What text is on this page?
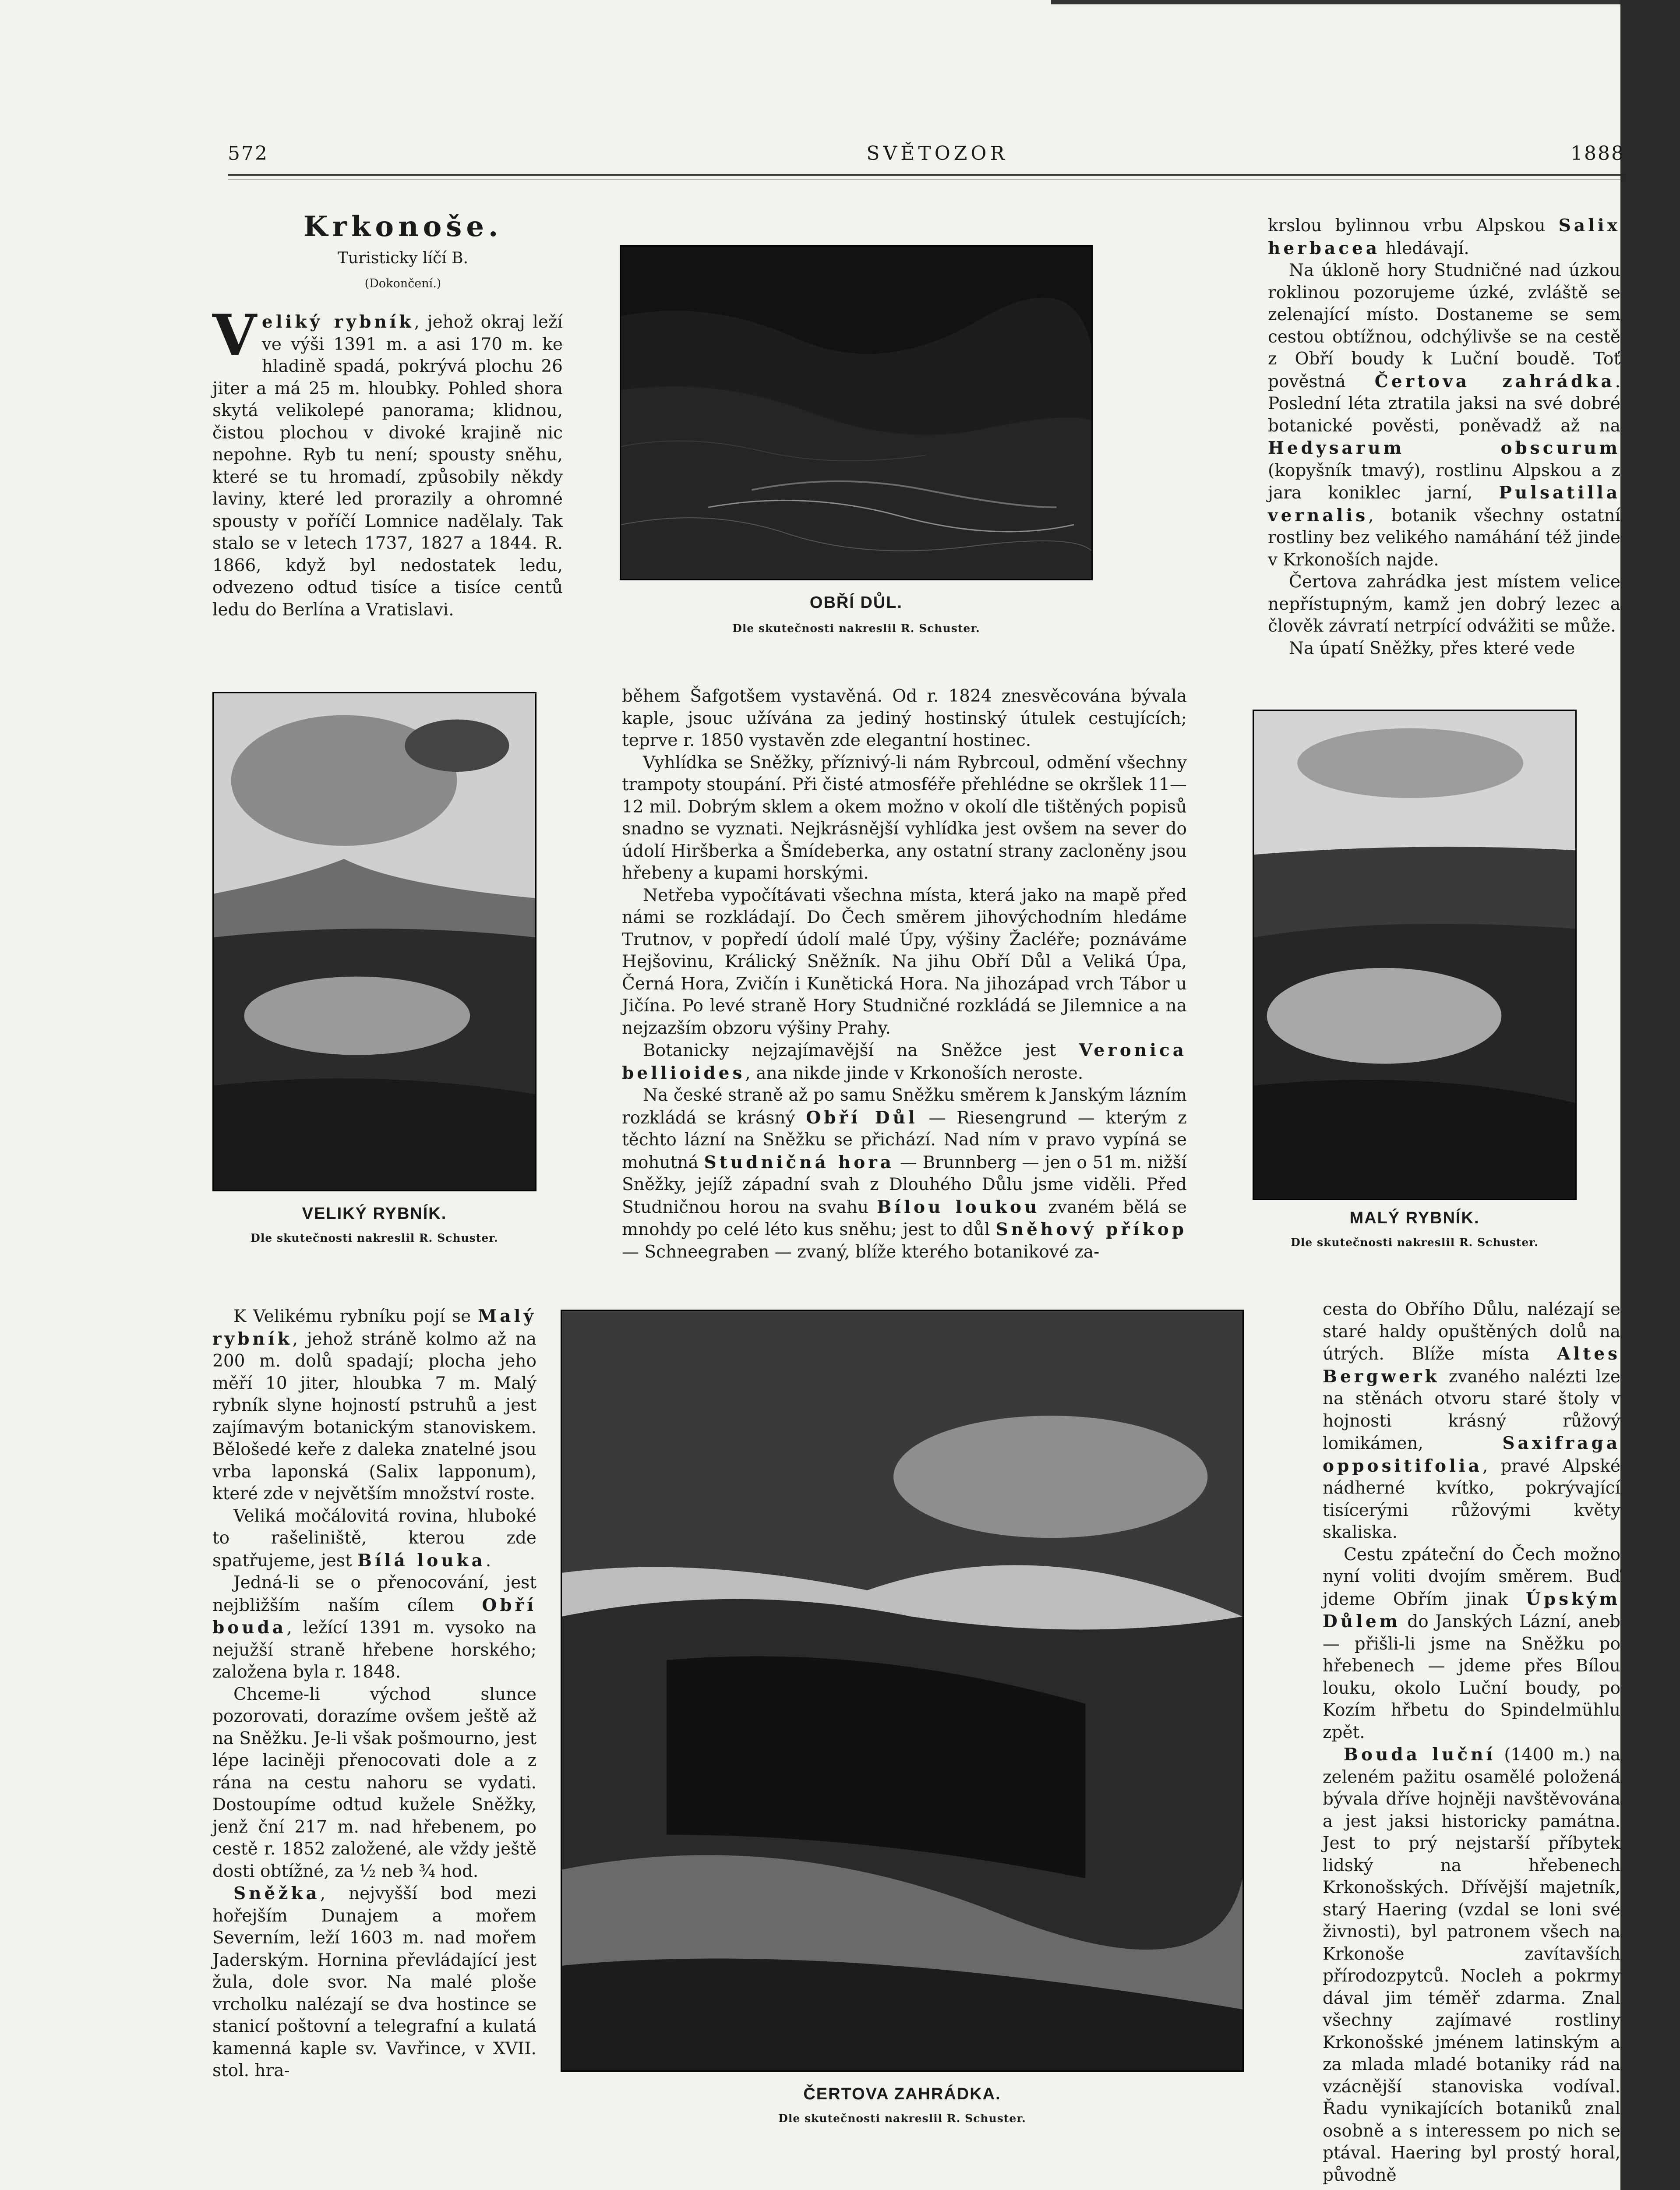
572	SVĚTOZOR	1888
Krkonoše.
Turisticky líčí B.
(Dokončení.)

Veliký rybník, jehož okraj leží ve výši 1391 m. a asi 170 m. ke hladině spadá, pokrývá plochu 26 jiter a má 25 m. hloubky. Pohled shora skytá velikolepé panorama; klidnou, čistou plochou v divoké krajině nic nepohne. Ryb tu není; spousty sněhu, které se tu hromadí, způsobily někdy laviny, které led prorazily a ohromné spousty v poříčí Lomnice nadělaly. Tak stalo se v letech 1737, 1827 a 1844. R. 1866, když byl nedostatek ledu, odvezeno odtud tisíce a tisíce centů ledu do Berlína a Vratislavi.	OBŘÍ DŮL.
Dle skutečnosti nakreslil R. Schuster.

krslou bylinnou vrbu Alpskou Salix herbacea hledávají.

Na úklonĕ hory Studničné nad úzkou roklinou pozorujeme úzké, zvláště se zelenající místo. Dostaneme se sem cestou obtížnou, odchýlivše se na cestě z Obří boudy k Luční boudě. Toť pověstná Čertova zahrádka. Poslední léta ztratila jaksi na své dobré botanické pověsti, poněvadž až na Hedysarum obscurum (kopyšník tmavý), rostlinu Alpskou a z jara koniklec jarní, Pulsatilla vernalis, botanik všechny ostatní rostliny bez velikého namáhání též jinde v Krkonoších najde.

Čertova zahrádka jest místem velice nepřístupným, kamž jen dobrý lezec a člověk závratí netrpící odvážiti se může.

Na úpatí Sněžky, přes které vede

VELIKÝ RYBNÍK.
Dle skutečnosti nakreslil R. Schuster.

během Šafgotšem vystavěná. Od r. 1824 znesvěcována bývala kaple, jsouc užívána za jediný hostinský útulek cestujících; teprve r. 1850 vystavěn zde elegantní hostinec.

Vyhlídka se Sněžky, příznivý-li nám Rybrcoul, odmění všechny trampoty stoupání. Při čisté atmosféře přehlédne se okršlek 11—12 mil. Dobrým sklem a okem možno v okolí dle tištěných popisů snadno se vyznati. Nejkrásnější vyhlídka jest ovšem na sever do údolí Hiršberka a Šmídeberka, any ostatní strany zacloněny jsou hřebeny a kupami horskými.

Netřeba vypočítávati všechna místa, která jako na mapě před námi se rozkládají. Do Čech směrem jihovýchodním hledáme Trutnov, v popředí údolí malé Úpy, výšiny Žacléře; poznáváme Hejšovinu, Králický Sněžník. Na jihu Obří Důl a Veliká Úpa, Černá Hora, Zvičín i Kunětická Hora. Na jihozápad vrch Tábor u Jičína. Po levé straně Hory Studničné rozkládá se Jilemnice a na nejzazším obzoru výšiny Prahy.

Botanicky nejzajímavější na Sněžce jest Veronica bellioides, ana nikde jinde v Krkonoších neroste.

Na české straně až po samu Sněžku směrem k Janským lázním rozkládá se krásný Obří Důl — Riesengrund — kterým z těchto lázní na Sněžku se přichází. Nad ním v pravo vypíná se mohutná Studničná hora — Brunnberg — jen o 51 m. nižší Sněžky, jejíž západní svah z Dlouhého Důlu jsme viděli. Před Studničnou horou na svahu Bílou loukou zvaném bělá se mnohdy po celé léto kus sněhu; jest to důl Sněhový příkop — Schneegraben — zvaný, blíže kterého botanikové za-

MALÝ RYBNÍK.
Dle skutečnosti nakreslil R. Schuster.

K Velikému rybníku pojí se Malý rybník, jehož stráně kolmo až na 200 m. dolů spadají; plocha jeho měří 10 jiter, hloubka 7 m. Malý rybník slyne hojností pstruhů a jest zajímavým botanickým stanoviskem. Bělošedé keře z daleka znatelné jsou vrba laponská (Salix lapponum), které zde v největším množství roste.

Veliká močálovitá rovina, hluboké to rašeliniště, kterou zde spatřujeme, jest Bílá louka.

Jedná-li se o přenocování, jest nejbližším naším cílem Obří bouda, ležící 1391 m. vysoko na nejužší straně hřebene horského; založena byla r. 1848.

Chceme-li východ slunce pozorovati, dorazíme ovšem ještě až na Sněžku. Je-li však pošmourno, jest lépe laciněji přenocovati dole a z rána na cestu nahoru se vydati. Dostoupíme odtud kuželе Sněžky, jenž ční 217 m. nad hřebenem, po cestě r. 1852 založené, ale vždy ještě dosti obtížné, za ½ neb ¾ hod.

Sněžka, nejvyšší bod mezi hořejším Dunajem a mořem Severním, leží 1603 m. nad mořem Jaderským. Hornina převládající jest žula, dole svor. Na malé ploše vrcholku nalézají se dva hostince se stanicí poštovní a telegrafní a kulatá kamenná kaple sv. Vavřince, v XVII. stol. hra-

ČERTOVA ZAHRÁDKA.
Dle skutečnosti nakreslil R. Schuster.

cesta do Obřího Důlu, nalézají se staré haldy opuštěných dolů na útrých. Blíže místa Altes Bergwerk zvaného nalézti lze na stěnách otvoru staré štoly v hojnosti krásný růžový lomikámen, Saxifraga oppositifolia, pravé Alpské nádherné kvítko, pokrývající tisícerými růžovými květy skaliska.

Cestu zpáteční do Čech možno nyní voliti dvojím směrem. Buď jdeme Obřím jinak Úpským Důlem do Janských Lázní, aneb — přišli-li jsme na Sněžku po hřebenech — jdeme přes Bílou louku, okolo Luční boudy, po Kozím hřbetu do Spindelmühlu zpět.

Bouda luční (1400 m.) na zeleném pažitu osamělé položená bývala dříve hojněji navštěvována a jest jaksi historicky památna. Jest to prý nejstarší příbytek lidský na hřebenech Krkonošských. Dřívější majetník, starý Haering (vzdal se loni své živnosti), byl patronem všech na Krkonoše zavítavších přírodozpytců. Nocleh a pokrmy dával jim téměř zdarma. Znal všechny zajímavé rostliny Krkonošské jménem latinským a za mlada mladé botaniky rád na vzácnější stanoviska vodíval. Řadu vynikajících botaniků znal osobně a s interessem po nich se ptával. Haering byl prostý horal, původně
